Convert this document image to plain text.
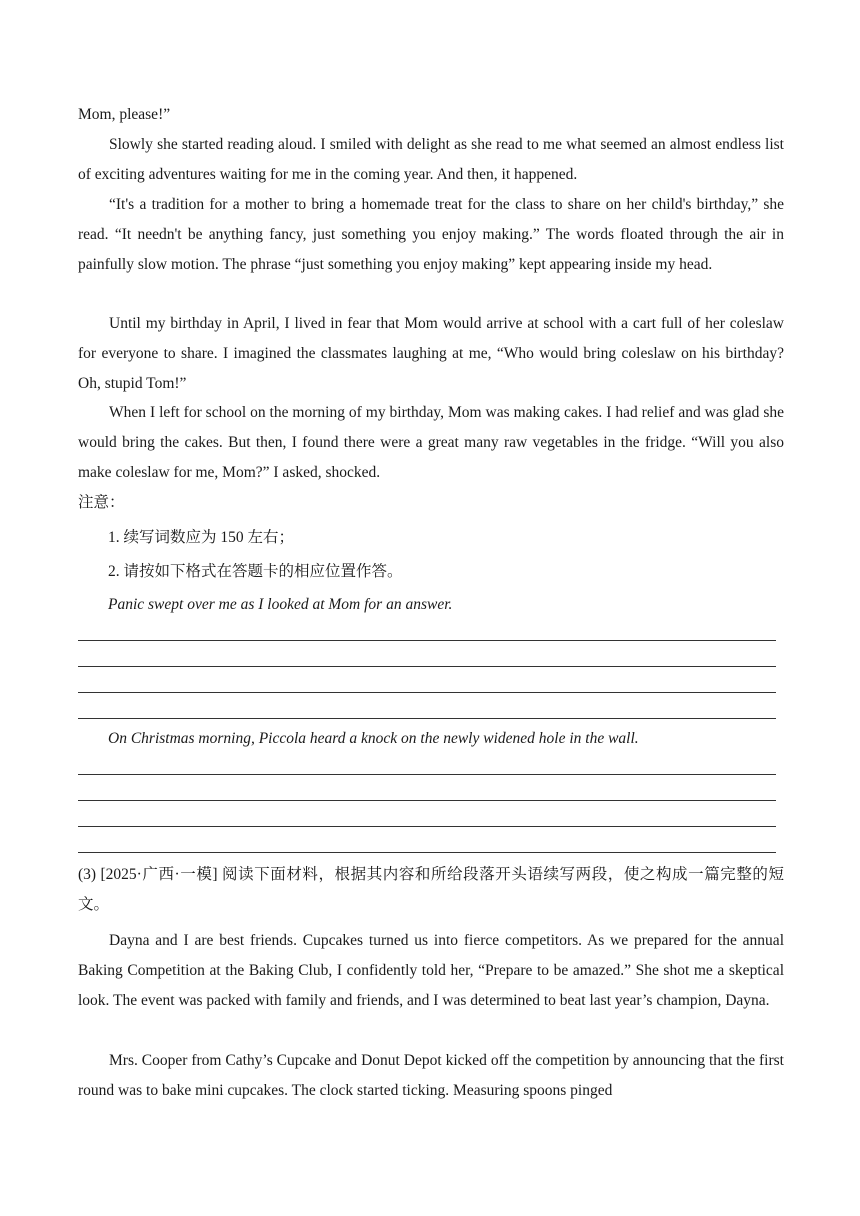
Mom, please!”

Slowly she started reading aloud. I smiled with delight as she read to me what seemed an almost endless list of exciting adventures waiting for me in the coming year. And then, it happened.

“It's a tradition for a mother to bring a homemade treat for the class to share on her child's birthday,” she read. “It needn't be anything fancy, just something you enjoy making.” The words floated through the air in painfully slow motion. The phrase “just something you enjoy making” kept appearing inside my head.

Until my birthday in April, I lived in fear that Mom would arrive at school with a cart full of her coleslaw for everyone to share. I imagined the classmates laughing at me, “Who would bring coleslaw on his birthday? Oh, stupid Tom!”

When I left for school on the morning of my birthday, Mom was making cakes. I had relief and was glad she would bring the cakes. But then, I found there were a great many raw vegetables in the fridge. “Will you also make coleslaw for me, Mom?” I asked, shocked.

注意：
1. 续写词数应为 150 左右；
2. 请按如下格式在答题卡的相应位置作答。
Panic swept over me as I looked at Mom for an answer.
On Christmas morning, Piccola heard a knock on the newly widened hole in the wall.

(3) [2025·广西·一模] 阅读下面材料，根据其内容和所给段落开头语续写两段，使之构成一篇完整的短文。

Dayna and I are best friends. Cupcakes turned us into fierce competitors. As we prepared for the annual Baking Competition at the Baking Club, I confidently told her, “Prepare to be amazed.” She shot me a skeptical look. The event was packed with family and friends, and I was determined to beat last year’s champion, Dayna.

Mrs. Cooper from Cathy’s Cupcake and Donut Depot kicked off the competition by announcing that the first round was to bake mini cupcakes. The clock started ticking. Measuring spoons pinged
